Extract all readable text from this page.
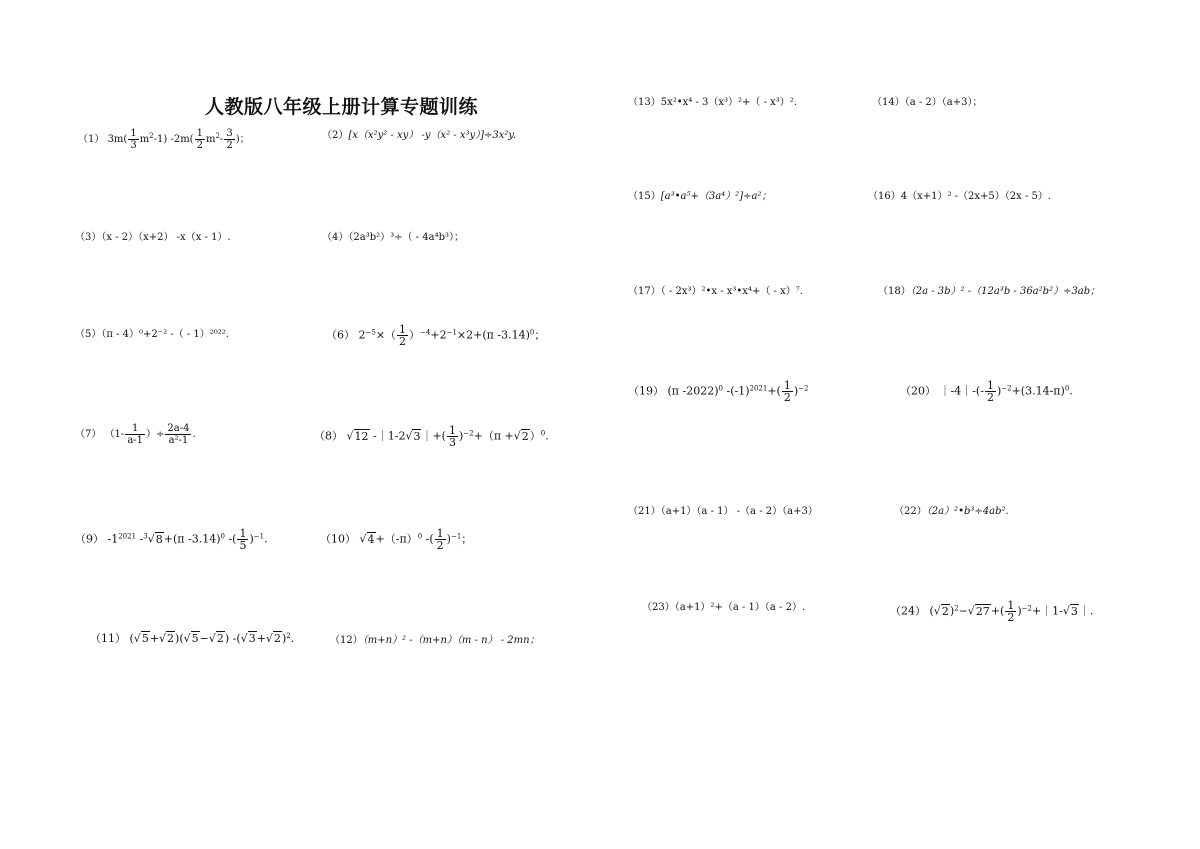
人教版八年级上册计算专题训练
（1） $3m( \frac{1}{3} m^2-1)$ $-2m( \frac{1}{2} m^2- \frac{3}{2}$ )；	（2）[x（x²y² - xy） -y（x² - x³y）]÷3x²y.
（3）（x - 2）（x+2） -x（x - 1）.	（4）（2a³b²）³÷（ - 4a⁴b³）；
（5）（π - 4）⁰+2⁻² -（ - 1）²⁰²².	（6） $2^{-5}\times( \frac{1}{2} )^{-4}+2^{-1}\times 2+(\pi$ -3.14)$^0$；
（7） （$1- \frac{1}{a-1}$ ）÷ $\frac{2a-4}{\text{a²-1}}$ .	（8） √12 -｜1-2√3｜+( $\frac{1}{3} )^{-2}+(\pi +√2)^0$.
（9） $-1^{2021}$ -$^3$√8+(π -3.14)$^0$ -( $\frac{1}{5} )^{-1}$.	（10） $√4+(-\pi)^0$ -( $\frac{1}{2} )^{-1}$；
（11） (√5+√2)(√5−√2) $-(√3+√2)^2$.	（12）（m+n）² -（m+n）（m - n） - 2mn；
（13）5x²•x⁴ - 3（x³）²+（ - x³）².	（14）（a - 2）（a+3）；
（15）[a³•a⁵+（3a⁴）²]÷a²；	（16）4（x+1）² -（2x+5）（2x - 5）.
（17）（ - 2x³）²•x - x³•x⁴+（ - x）⁷.	（18）（2a - 3b）² -（12a³b - 36a²b²）÷3ab；
（19） (π -2022)$^0$ $-(-1)^{2021}+( \frac{1}{2} )^{-2}$	（20） ｜-4｜-(- $\frac{1}{2} )^{-2}+(3.14-\pi)^0$.
（21）（a+1）（a - 1） -（a - 2）（a+3）	（22）（2a）²•b³÷4ab².
（23）（a+1）²+（a - 1）（a - 2）.	（24） $(√2)^2-√27+( \frac{1}{2}$ )$^{-2}+|1-√3|$.
